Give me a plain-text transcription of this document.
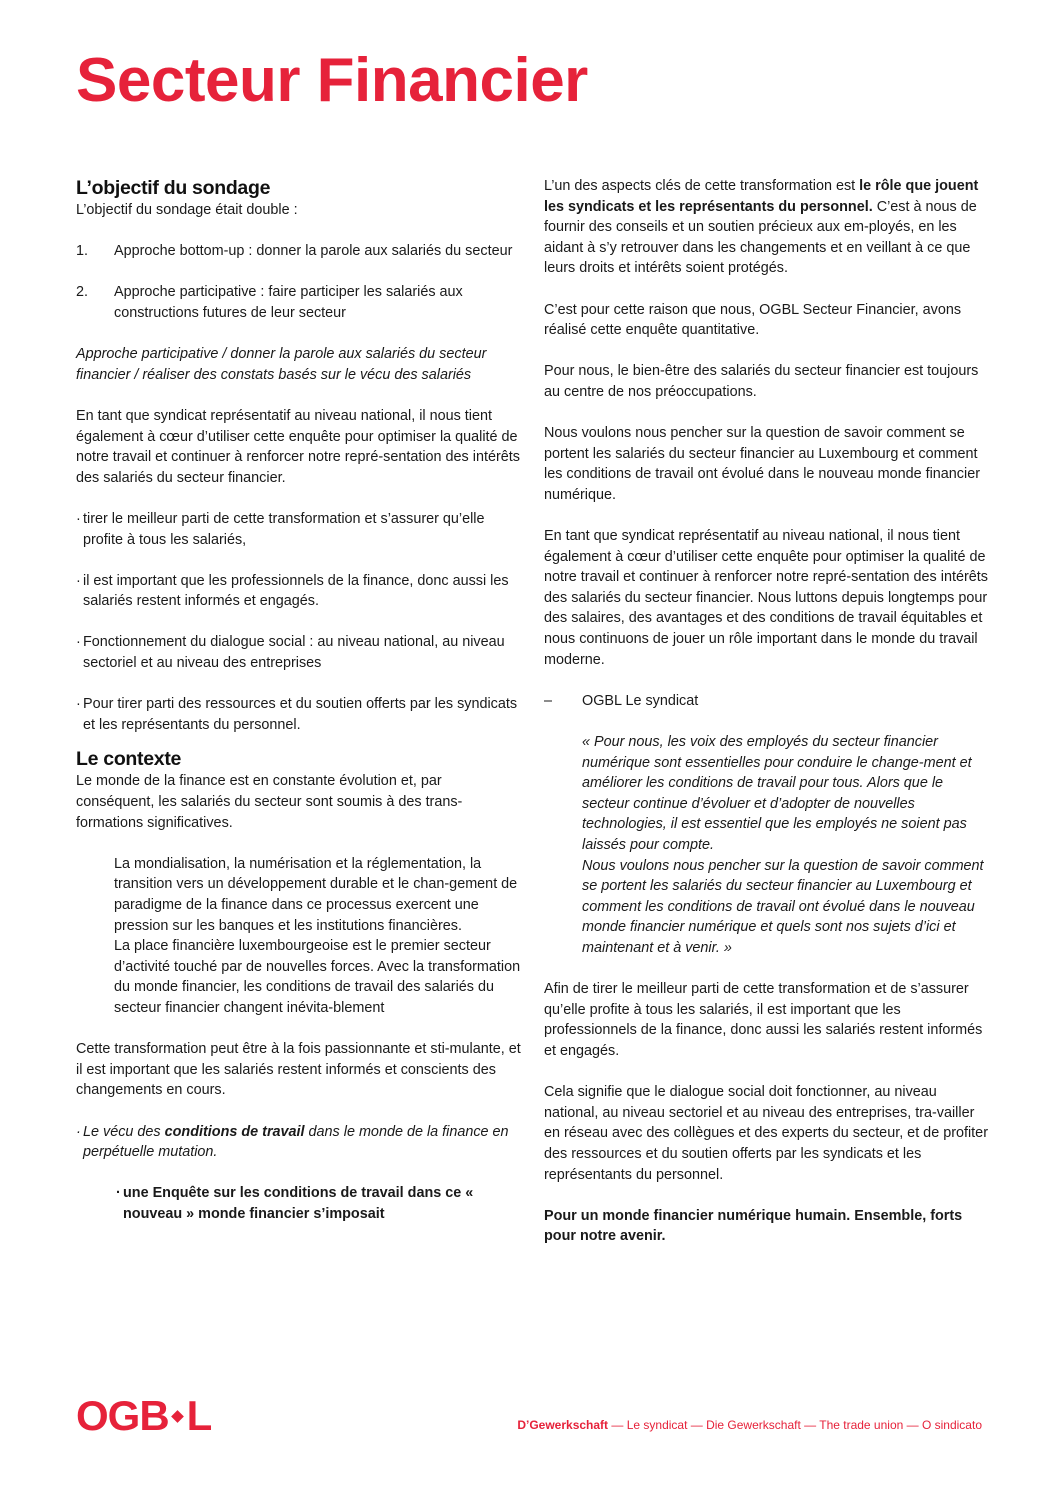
Secteur Financier
L’objectif du sondage

L’objectif du sondage était double :

1.	Approche bottom-up : donner la parole aux salariés du secteur
2.	Approche participative : faire participer les salariés aux constructions futures de leur secteur

Approche participative / donner la parole aux salariés du secteur financier / réaliser des constats basés sur le vécu des salariés

En tant que syndicat représentatif au niveau national, il nous tient également à cœur d’utiliser cette enquête pour optimiser la qualité de notre travail et continuer à renforcer notre repré-sentation des intérêts des salariés du secteur financier.

· tirer le meilleur parti de cette transformation et s’assurer qu’elle profite à tous les salariés,
· il est important que les professionnels de la finance, donc aussi les salariés restent informés et engagés.
· Fonctionnement du dialogue social : au niveau national, au niveau sectoriel et au niveau des entreprises
· Pour tirer parti des ressources et du soutien offerts par les syndicats et les représentants du personnel.
Le contexte

Le monde de la finance est en constante évolution et, par conséquent, les salariés du secteur sont soumis à des trans-formations significatives.

La mondialisation, la numérisation et la réglementation, la transition vers un développement durable et le chan-gement de paradigme de la finance dans ce processus exercent une pression sur les banques et les institutions financières.

La place financière luxembourgeoise est le premier secteur d’activité touché par de nouvelles forces. Avec la transformation du monde financier, les conditions de travail des salariés du secteur financier changent inévita-blement

Cette transformation peut être à la fois passionnante et sti-mulante, et il est important que les salariés restent informés et conscients des changements en cours.

· Le vécu des conditions de travail dans le monde de la finance en perpétuelle mutation.
· une Enquête sur les conditions de travail dans ce « nouveau » monde financier s’imposait

L’un des aspects clés de cette transformation est le rôle que jouent les syndicats et les représentants du personnel. C’est à nous de fournir des conseils et un soutien précieux aux em-ployés, en les aidant à s’y retrouver dans les changements et en veillant à ce que leurs droits et intérêts soient protégés.

C’est pour cette raison que nous, OGBL Secteur Financier, avons réalisé cette enquête quantitative.

Pour nous, le bien-être des salariés du secteur financier est toujours au centre de nos préoccupations.

Nous voulons nous pencher sur la question de savoir comment se portent les salariés du secteur financier au Luxembourg et comment les conditions de travail ont évolué dans le nouveau monde financier numérique.

En tant que syndicat représentatif au niveau national, il nous tient également à cœur d’utiliser cette enquête pour optimiser la qualité de notre travail et continuer à renforcer notre repré-sentation des intérêts des salariés du secteur financier. Nous luttons depuis longtemps pour des salaires, des avantages et des conditions de travail équitables et nous continuons de jouer un rôle important dans le monde du travail moderne.

–	OGBL Le syndicat

« Pour nous, les voix des employés du secteur financier numérique sont essentielles pour conduire le change-ment et améliorer les conditions de travail pour tous. Alors que le secteur continue d’évoluer et d’adopter de nouvelles technologies, il est essentiel que les employés ne soient pas laissés pour compte.

Nous voulons nous pencher sur la question de savoir comment se portent les salariés du secteur financier au Luxembourg et comment les conditions de travail ont évolué dans le nouveau monde financier numérique et quels sont nos sujets d’ici et maintenant et à venir. »

Afin de tirer le meilleur parti de cette transformation et de s’assurer qu’elle profite à tous les salariés, il est important que les professionnels de la finance, donc aussi les salariés restent informés et engagés.

Cela signifie que le dialogue social doit fonctionner, au niveau national, au niveau sectoriel et au niveau des entreprises, tra-vailler en réseau avec des collègues et des experts du secteur, et de profiter des ressources et du soutien offerts par les syndicats et les représentants du personnel.

Pour un monde financier numérique humain. Ensemble, forts pour notre avenir.

OGB L	D’Gewerkschaft — Le syndicat — Die Gewerkschaft — The trade union — O sindicato
